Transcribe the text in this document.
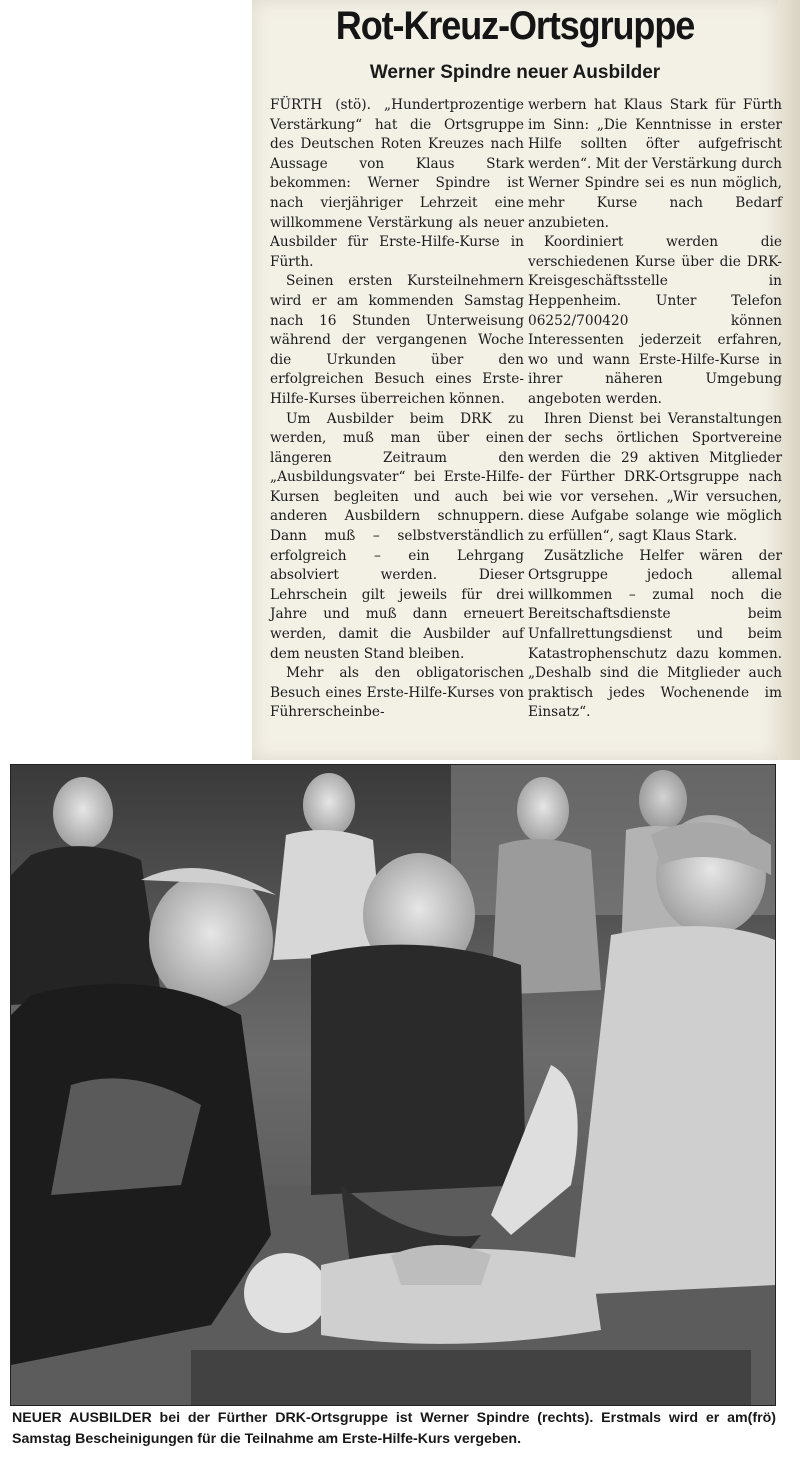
Rot-Kreuz-Ortsgruppe
Werner Spindre neuer Ausbilder

FÜRTH (stö). „Hundertprozentige Verstärkung“ hat die Ortsgruppe des Deutschen Roten Kreuzes nach Aussage von Klaus Stark bekommen: Werner Spindre ist nach vierjähriger Lehrzeit eine willkommene Verstärkung als neuer Ausbilder für Erste-Hilfe-Kurse in Fürth.

Seinen ersten Kursteilnehmern wird er am kommenden Samstag nach 16 Stunden Unterweisung während der vergangenen Woche die Urkunden über den erfolgreichen Besuch eines Erste-Hilfe-Kurses überreichen können.

Um Ausbilder beim DRK zu werden, muß man über einen längeren Zeitraum den „Ausbildungsvater“ bei Erste-Hilfe-Kursen begleiten und auch bei anderen Ausbildern schnuppern. Dann muß – selbstverständlich erfolgreich – ein Lehrgang absolviert werden. Dieser Lehrschein gilt jeweils für drei Jahre und muß dann erneuert werden, damit die Ausbilder auf dem neusten Stand bleiben.

Mehr als den obligatorischen Besuch eines Erste-Hilfe-Kurses von Führerscheinbe-

werbern hat Klaus Stark für Fürth im Sinn: „Die Kenntnisse in erster Hilfe sollten öfter aufgefrischt werden“. Mit der Verstärkung durch Werner Spindre sei es nun möglich, mehr Kurse nach Bedarf anzubieten.

Koordiniert werden die verschiedenen Kurse über die DRK-Kreisgeschäftsstelle in Heppenheim. Unter Telefon 06252/700420 können Interessenten jederzeit erfahren, wo und wann Erste-Hilfe-Kurse in ihrer näheren Umgebung angeboten werden.

Ihren Dienst bei Veranstaltungen der sechs örtlichen Sportvereine werden die 29 aktiven Mitglieder der Fürther DRK-Ortsgruppe nach wie vor versehen. „Wir versuchen, diese Aufgabe solange wie möglich zu erfüllen“, sagt Klaus Stark.

Zusätzliche Helfer wären der Ortsgruppe jedoch allemal willkommen – zumal noch die Bereitschaftsdienste beim Unfallrettungsdienst und beim Katastrophenschutz dazu kommen. „Deshalb sind die Mitglieder auch praktisch jedes Wochenende im Einsatz“.

(frö)
NEUER AUSBILDER bei der Fürther DRK-Ortsgruppe ist Werner Spindre (rechts). Erstmals wird er am Samstag Bescheinigungen für die Teilnahme am Erste-Hilfe-Kurs vergeben.
